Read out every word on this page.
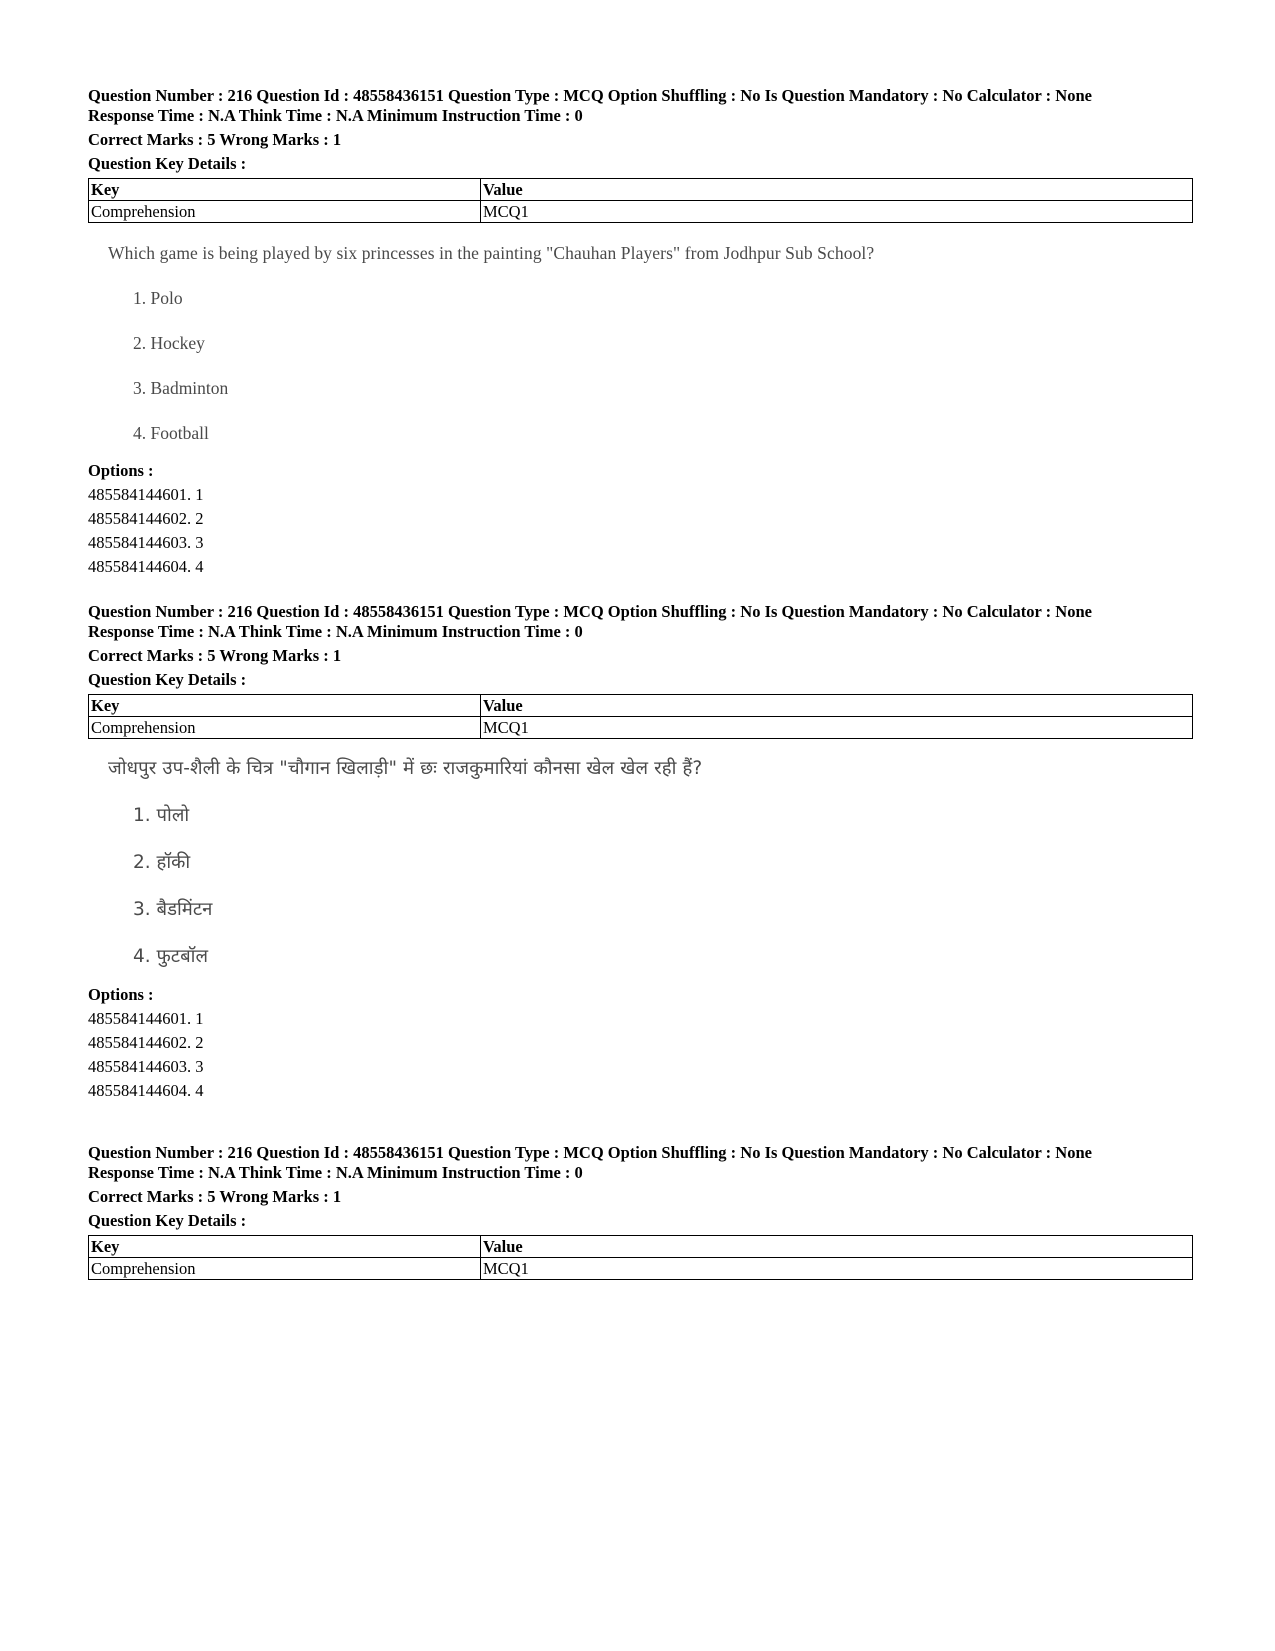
Question Number : 216 Question Id : 48558436151 Question Type : MCQ Option Shuffling : No Is Question Mandatory : No Calculator : None

Response Time : N.A Think Time : N.A Minimum Instruction Time : 0

Correct Marks : 5 Wrong Marks : 1

Question Key Details :

Key	Value
Comprehension	MCQ1
Which game is being played by six princesses in the painting "Chauhan Players" from Jodhpur Sub School?
1. Polo
2. Hockey
3. Badminton
4. Football
Options :
485584144601. 1
485584144602. 2
485584144603. 3
485584144604. 4

Question Number : 216 Question Id : 48558436151 Question Type : MCQ Option Shuffling : No Is Question Mandatory : No Calculator : None

Response Time : N.A Think Time : N.A Minimum Instruction Time : 0

Correct Marks : 5 Wrong Marks : 1

Question Key Details :

Key	Value
Comprehension	MCQ1
जोधपुर उप-शैली के चित्र "चौगान खिलाड़ी" में छः राजकुमारियां कौनसा खेल खेल रही हैं?
1. पोलो
2. हॉकी
3. बैडमिंटन
4. फुटबॉल
Options :
485584144601. 1
485584144602. 2
485584144603. 3
485584144604. 4

Question Number : 216 Question Id : 48558436151 Question Type : MCQ Option Shuffling : No Is Question Mandatory : No Calculator : None

Response Time : N.A Think Time : N.A Minimum Instruction Time : 0

Correct Marks : 5 Wrong Marks : 1

Question Key Details :

Key	Value
Comprehension	MCQ1
